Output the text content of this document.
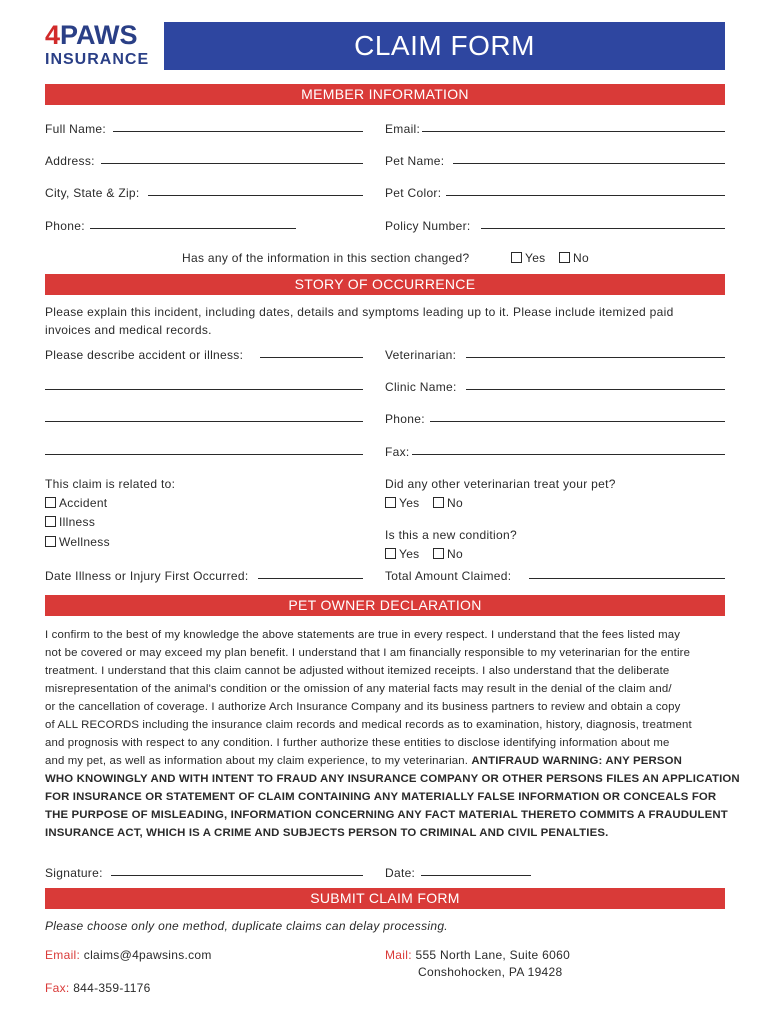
4PAWS
INSURANCE	CLAIM FORM
MEMBER INFORMATION
Full Name:	Email:
Address:	Pet Name:
City, State & Zip:	Pet Color:
Phone:	Policy Number:
Has any of the information in this section changed?	Yes	No
STORY OF OCCURRENCE
Please explain this incident, including dates, details and symptoms leading up to it. Please include itemized paid
invoices and medical records.
Please describe accident or illness:	Veterinarian:
Clinic Name:
Phone:
Fax:
This claim is related to:
Accident
Illness
Wellness
Did any other veterinarian treat your pet?
Yes	No
Is this a new condition?
Yes	No
Date Illness or Injury First Occurred:	Total Amount Claimed:
PET OWNER DECLARATION
I confirm to the best of my knowledge the above statements are true in every respect. I understand that the fees listed may
not be covered or may exceed my plan benefit. I understand that I am financially responsible to my veterinarian for the entire
treatment. I understand that this claim cannot be adjusted without itemized receipts. I also understand that the deliberate
misrepresentation of the animal's condition or the omission of any material facts may result in the denial of the claim and/
or the cancellation of coverage. I authorize Arch Insurance Company and its business partners to review and obtain a copy
of ALL RECORDS including the insurance claim records and medical records as to examination, history, diagnosis, treatment
and prognosis with respect to any condition. I further authorize these entities to disclose identifying information about me
and my pet, as well as information about my claim experience, to my veterinarian. ANTIFRAUD WARNING: ANY PERSON
WHO KNOWINGLY AND WITH INTENT TO FRAUD ANY INSURANCE COMPANY OR OTHER PERSONS FILES AN APPLICATION
FOR INSURANCE OR STATEMENT OF CLAIM CONTAINING ANY MATERIALLY FALSE INFORMATION OR CONCEALS FOR
THE PURPOSE OF MISLEADING, INFORMATION CONCERNING ANY FACT MATERIAL THERETO COMMITS A FRAUDULENT
INSURANCE ACT, WHICH IS A CRIME AND SUBJECTS PERSON TO CRIMINAL AND CIVIL PENALTIES.
Signature:	Date:
SUBMIT CLAIM FORM
Please choose only one method, duplicate claims can delay processing.
Email: claims@4pawsins.com	Mail: 555 North Lane, Suite 6060
Conshohocken, PA 19428
Fax: 844-359-1176
